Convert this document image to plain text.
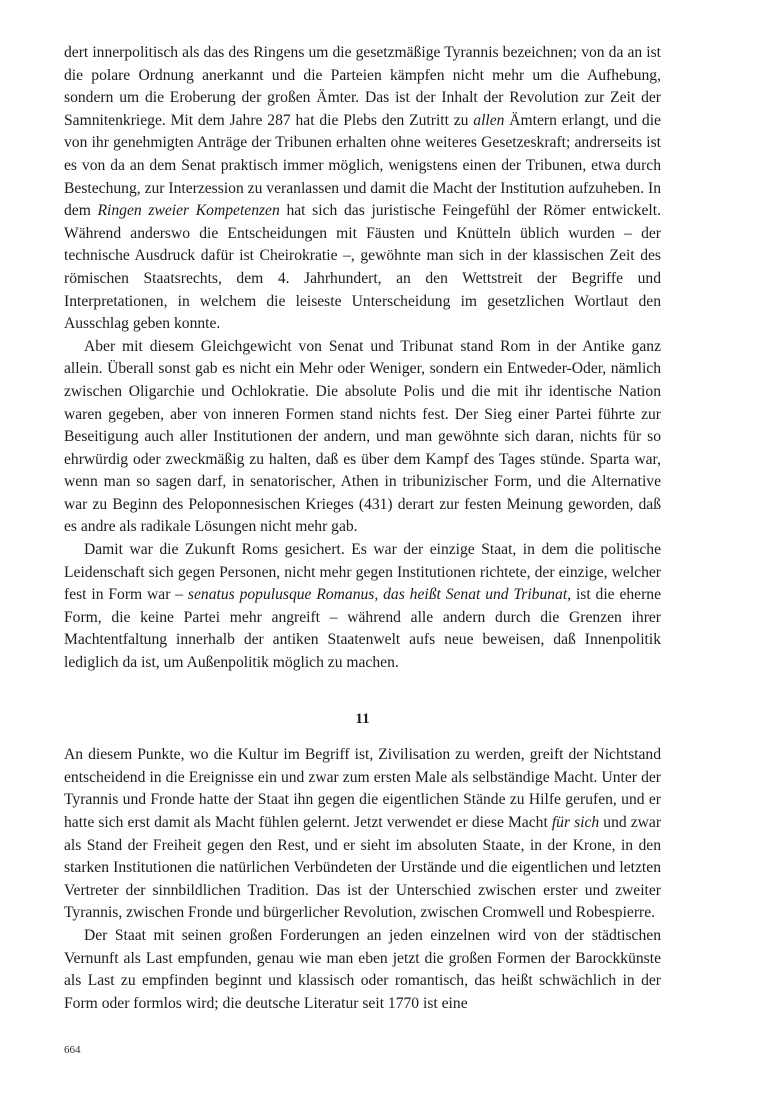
dert innerpolitisch als das des Ringens um die gesetzmäßige Tyrannis bezeichnen; von da an ist die polare Ordnung anerkannt und die Parteien kämpfen nicht mehr um die Aufhebung, sondern um die Eroberung der großen Ämter. Das ist der Inhalt der Revolution zur Zeit der Samnitenkriege. Mit dem Jahre 287 hat die Plebs den Zutritt zu allen Ämtern erlangt, und die von ihr genehmigten Anträge der Tribunen erhalten ohne weiteres Gesetzeskraft; andrerseits ist es von da an dem Senat praktisch immer möglich, wenigstens einen der Tribunen, etwa durch Bestechung, zur Interzession zu veranlassen und damit die Macht der Institution aufzuheben. In dem Ringen zweier Kompetenzen hat sich das juristische Feingefühl der Römer entwickelt. Während anderswo die Entscheidungen mit Fäusten und Knütteln üblich wurden – der technische Ausdruck dafür ist Cheirokratie –, gewöhnte man sich in der klassischen Zeit des römischen Staatsrechts, dem 4. Jahrhundert, an den Wettstreit der Begriffe und Interpretationen, in welchem die leiseste Unterscheidung im gesetzlichen Wortlaut den Ausschlag geben konnte.

Aber mit diesem Gleichgewicht von Senat und Tribunat stand Rom in der Antike ganz allein. Überall sonst gab es nicht ein Mehr oder Weniger, sondern ein Entweder-Oder, nämlich zwischen Oligarchie und Ochlokratie. Die absolute Polis und die mit ihr identische Nation waren gegeben, aber von inneren Formen stand nichts fest. Der Sieg einer Partei führte zur Beseitigung auch aller Institutionen der andern, und man gewöhnte sich daran, nichts für so ehrwürdig oder zweckmäßig zu halten, daß es über dem Kampf des Tages stünde. Sparta war, wenn man so sagen darf, in senatorischer, Athen in tribunizischer Form, und die Alternative war zu Beginn des Peloponnesischen Krieges (431) derart zur festen Meinung geworden, daß es andre als radikale Lösungen nicht mehr gab.

Damit war die Zukunft Roms gesichert. Es war der einzige Staat, in dem die politische Leidenschaft sich gegen Personen, nicht mehr gegen Institutionen richtete, der einzige, welcher fest in Form war – senatus populusque Romanus, das heißt Senat und Tribunat, ist die eherne Form, die keine Partei mehr angreift – während alle andern durch die Grenzen ihrer Machtentfaltung innerhalb der antiken Staatenwelt aufs neue beweisen, daß Innenpolitik lediglich da ist, um Außenpolitik möglich zu machen.

11

An diesem Punkte, wo die Kultur im Begriff ist, Zivilisation zu werden, greift der Nichtstand entscheidend in die Ereignisse ein und zwar zum ersten Male als selbständige Macht. Unter der Tyrannis und Fronde hatte der Staat ihn gegen die eigentlichen Stände zu Hilfe gerufen, und er hatte sich erst damit als Macht fühlen gelernt. Jetzt verwendet er diese Macht für sich und zwar als Stand der Freiheit gegen den Rest, und er sieht im absoluten Staate, in der Krone, in den starken Institutionen die natürlichen Verbündeten der Urstände und die eigentlichen und letzten Vertreter der sinnbildlichen Tradition. Das ist der Unterschied zwischen erster und zweiter Tyrannis, zwischen Fronde und bürgerlicher Revolution, zwischen Cromwell und Robespierre.

Der Staat mit seinen großen Forderungen an jeden einzelnen wird von der städtischen Vernunft als Last empfunden, genau wie man eben jetzt die großen Formen der Barockkünste als Last zu empfinden beginnt und klassisch oder romantisch, das heißt schwächlich in der Form oder formlos wird; die deutsche Literatur seit 1770 ist eine

664
